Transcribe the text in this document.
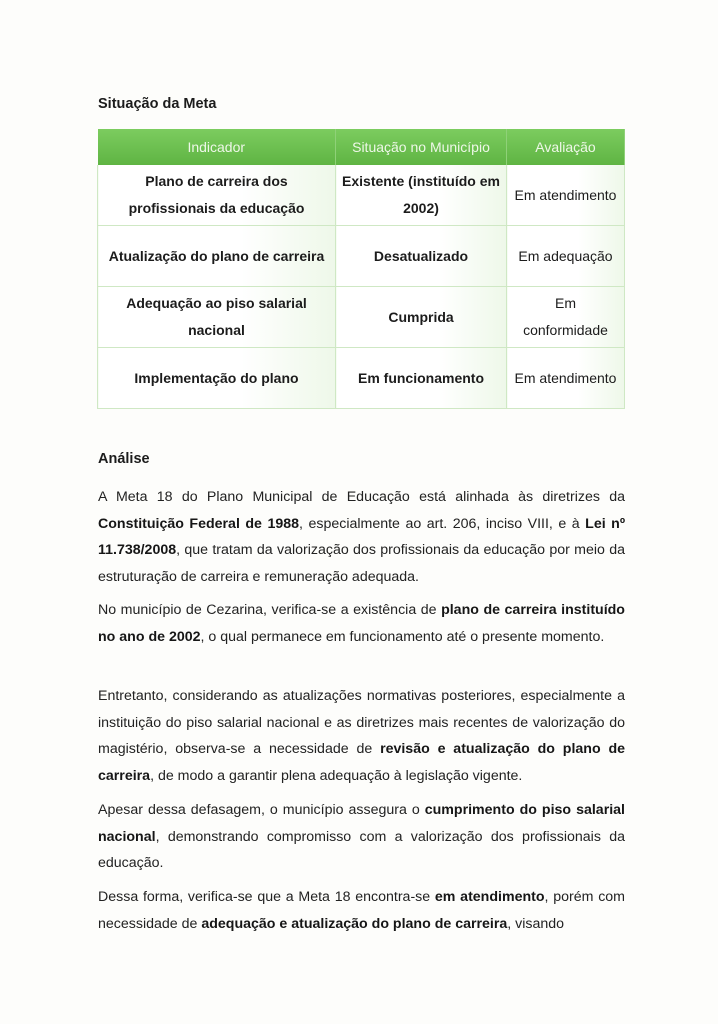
Situação da Meta
Indicador	Situação no Município	Avaliação
Plano de carreira dos profissionais da educação	Existente (instituído em 2002)	Em atendimento
Atualização do plano de carreira	Desatualizado	Em adequação
Adequação ao piso salarial nacional	Cumprida	Em conformidade
Implementação do plano	Em funcionamento	Em atendimento
Análise

A Meta 18 do Plano Municipal de Educação está alinhada às diretrizes da Constituição Federal de 1988, especialmente ao art. 206, inciso VIII, e à Lei nº 11.738/2008, que tratam da valorização dos profissionais da educação por meio da estruturação de carreira e remuneração adequada.

No município de Cezarina, verifica-se a existência de plano de carreira instituído no ano de 2002, o qual permanece em funcionamento até o presente momento.

Entretanto, considerando as atualizações normativas posteriores, especialmente a instituição do piso salarial nacional e as diretrizes mais recentes de valorização do magistério, observa-se a necessidade de revisão e atualização do plano de carreira, de modo a garantir plena adequação à legislação vigente.

Apesar dessa defasagem, o município assegura o cumprimento do piso salarial nacional, demonstrando compromisso com a valorização dos profissionais da educação.

Dessa forma, verifica-se que a Meta 18 encontra-se em atendimento, porém com necessidade de adequação e atualização do plano de carreira, visando
